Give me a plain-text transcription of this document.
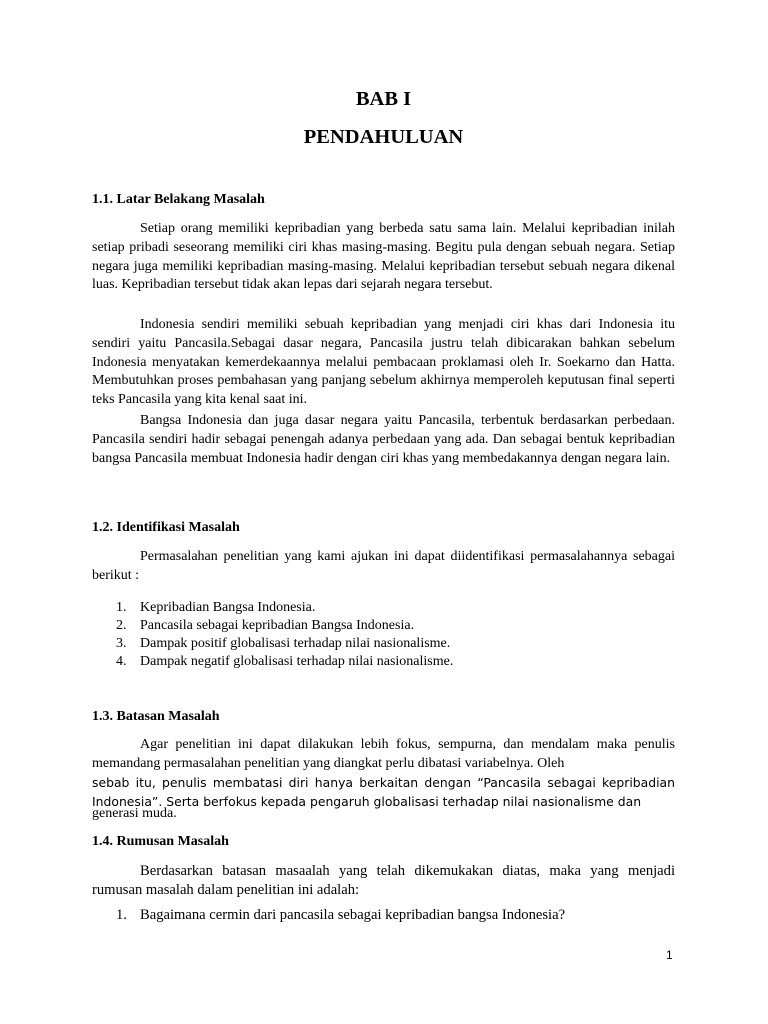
BAB I
PENDAHULUAN

1.1. Latar Belakang Masalah

Setiap orang memiliki kepribadian yang berbeda satu sama lain. Melalui kepribadian inilah setiap pribadi seseorang memiliki ciri khas masing-masing. Begitu pula dengan sebuah negara. Setiap negara juga memiliki kepribadian masing-masing. Melalui kepribadian tersebut sebuah negara dikenal luas. Kepribadian tersebut tidak akan lepas dari sejarah negara tersebut.

Indonesia sendiri memiliki sebuah kepribadian yang menjadi ciri khas dari Indonesia itu sendiri yaitu Pancasila.Sebagai dasar negara, Pancasila justru telah dibicarakan bahkan sebelum Indonesia menyatakan kemerdekaannya melalui pembacaan proklamasi oleh Ir. Soekarno dan Hatta. Membutuhkan proses pembahasan yang panjang sebelum akhirnya memperoleh keputusan final seperti teks Pancasila yang kita kenal saat ini.

Bangsa Indonesia dan juga dasar negara yaitu Pancasila, terbentuk berdasarkan perbedaan. Pancasila sendiri hadir sebagai penengah adanya perbedaan yang ada. Dan sebagai bentuk kepribadian bangsa Pancasila membuat Indonesia hadir dengan ciri khas yang membedakannya dengan negara lain.

1.2. Identifikasi Masalah

Permasalahan penelitian yang kami ajukan ini dapat diidentifikasi permasalahannya sebagai berikut :

1. Kepribadian Bangsa Indonesia.
2. Pancasila sebagai kepribadian Bangsa Indonesia.
3. Dampak positif globalisasi terhadap nilai nasionalisme.
4. Dampak negatif globalisasi terhadap nilai nasionalisme.

1.3. Batasan Masalah

Agar penelitian ini dapat dilakukan lebih fokus, sempurna, dan mendalam maka penulis memandang permasalahan penelitian yang diangkat perlu dibatasi variabelnya. Oleh

sebab itu, penulis membatasi diri hanya berkaitan dengan “Pancasila sebagai kepribadian Indonesia”. Serta berfokus kepada pengaruh globalisasi terhadap nilai nasionalisme dan

generasi muda.

1.4. Rumusan Masalah

Berdasarkan batasan masaalah yang telah dikemukakan diatas, maka yang menjadi rumusan masalah dalam penelitian ini adalah:

1. Bagaimana cermin dari pancasila sebagai kepribadian bangsa Indonesia?
1
